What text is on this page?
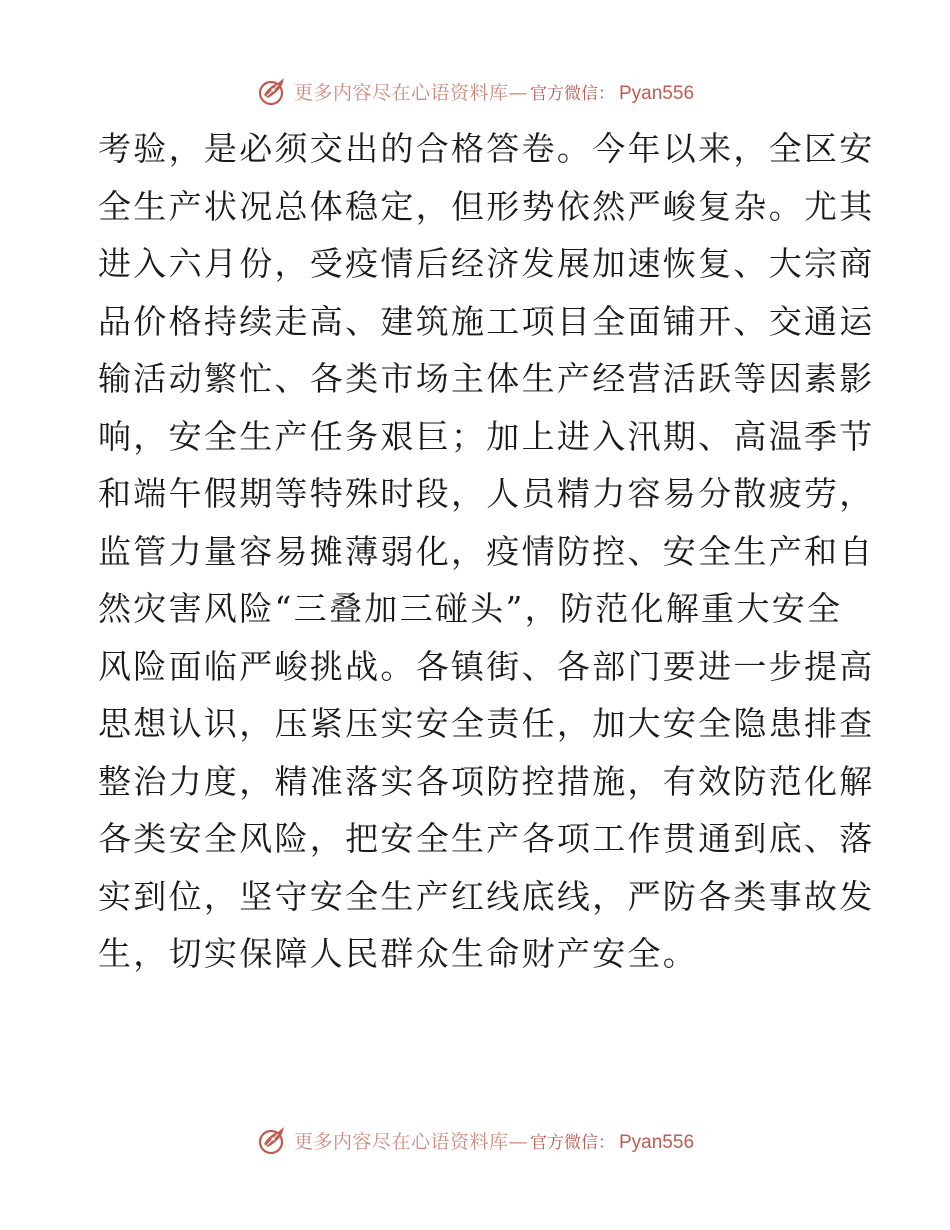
更多内容尽在心语资料库— 官方微信： Pyan556
考验，是必须交出的合格答卷。今年以来，全区安
全生产状况总体稳定，但形势依然严峻复杂。尤其
进入六月份，受疫情后经济发展加速恢复、大宗商
品价格持续走高、建筑施工项目全面铺开、交通运
输活动繁忙、各类市场主体生产经营活跃等因素影
响，安全生产任务艰巨；加上进入汛期、高温季节
和端午假期等特殊时段，人员精力容易分散疲劳，
监管力量容易摊薄弱化，疫情防控、安全生产和自
然灾害风险“三叠加三碰头”，防范化解重大安全
风险面临严峻挑战。各镇街、各部门要进一步提高
思想认识，压紧压实安全责任，加大安全隐患排查
整治力度，精准落实各项防控措施，有效防范化解
各类安全风险，把安全生产各项工作贯通到底、落
实到位，坚守安全生产红线底线，严防各类事故发
生，切实保障人民群众生命财产安全。
更多内容尽在心语资料库— 官方微信： Pyan556
